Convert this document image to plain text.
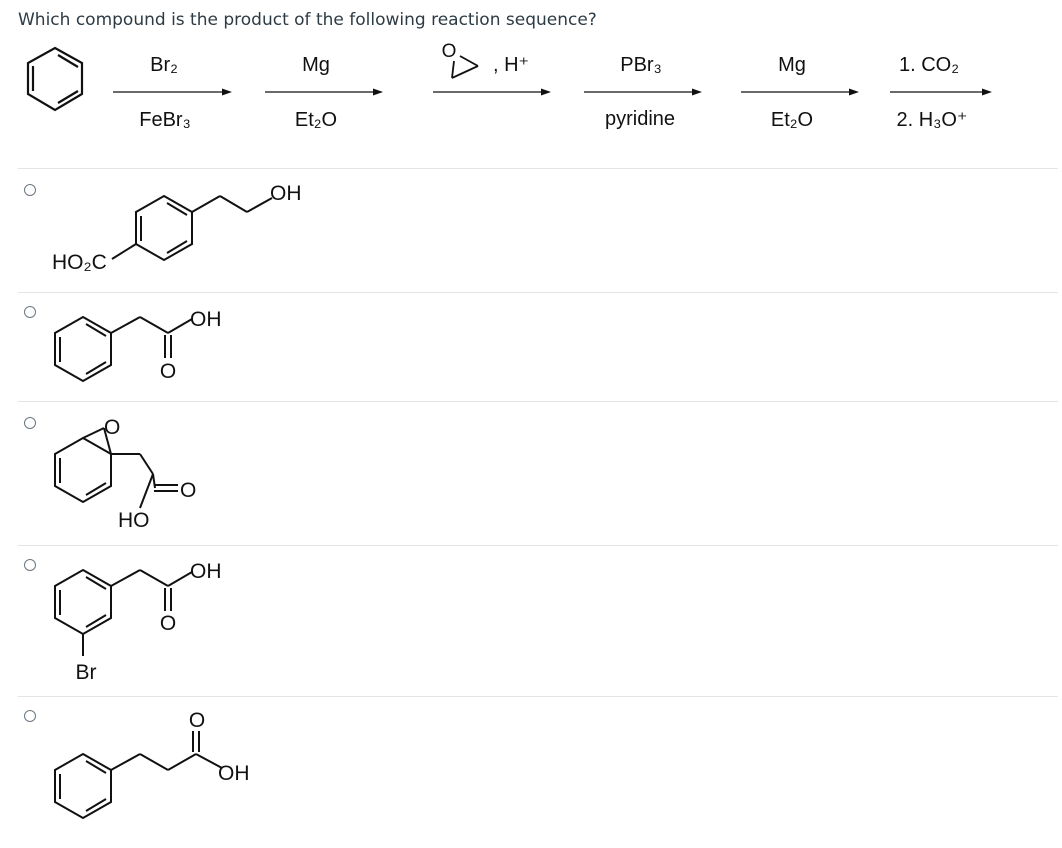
Which compound is the product of the following reaction sequence?
Br₂
FeBr₃
Mg
Et₂O
O
, H⁺	PBr₃
pyridine
Mg
Et₂O
1. CO₂
2. H₃O⁺
OH
HO₂C
OH
O
O
O
HO
OH
O
Br
O
OH
